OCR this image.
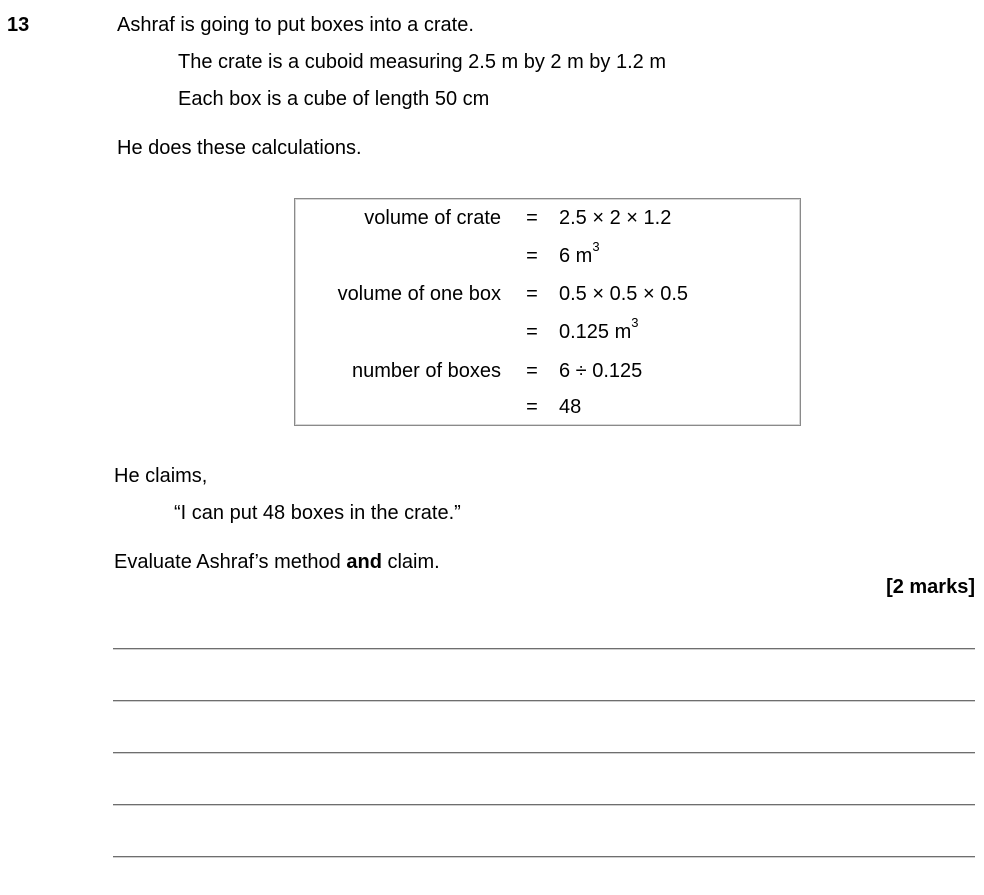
13	Ashraf is going to put boxes into a crate.
The crate is a cuboid measuring 2.5 m by 2 m by 1.2 m
Each box is a cube of length 50 cm
He does these calculations.
volume of crate = 2.5 × 2 × 1.2
= 6 $m^3$
volume of one box = 0.5 × 0.5 × 0.5
= 0.125 $m^3$
number of boxes = 6 ÷ 0.125
= 48
He claims,
“I can put 48 boxes in the crate.”
Evaluate Ashraf’s method and claim.
[2 marks]
